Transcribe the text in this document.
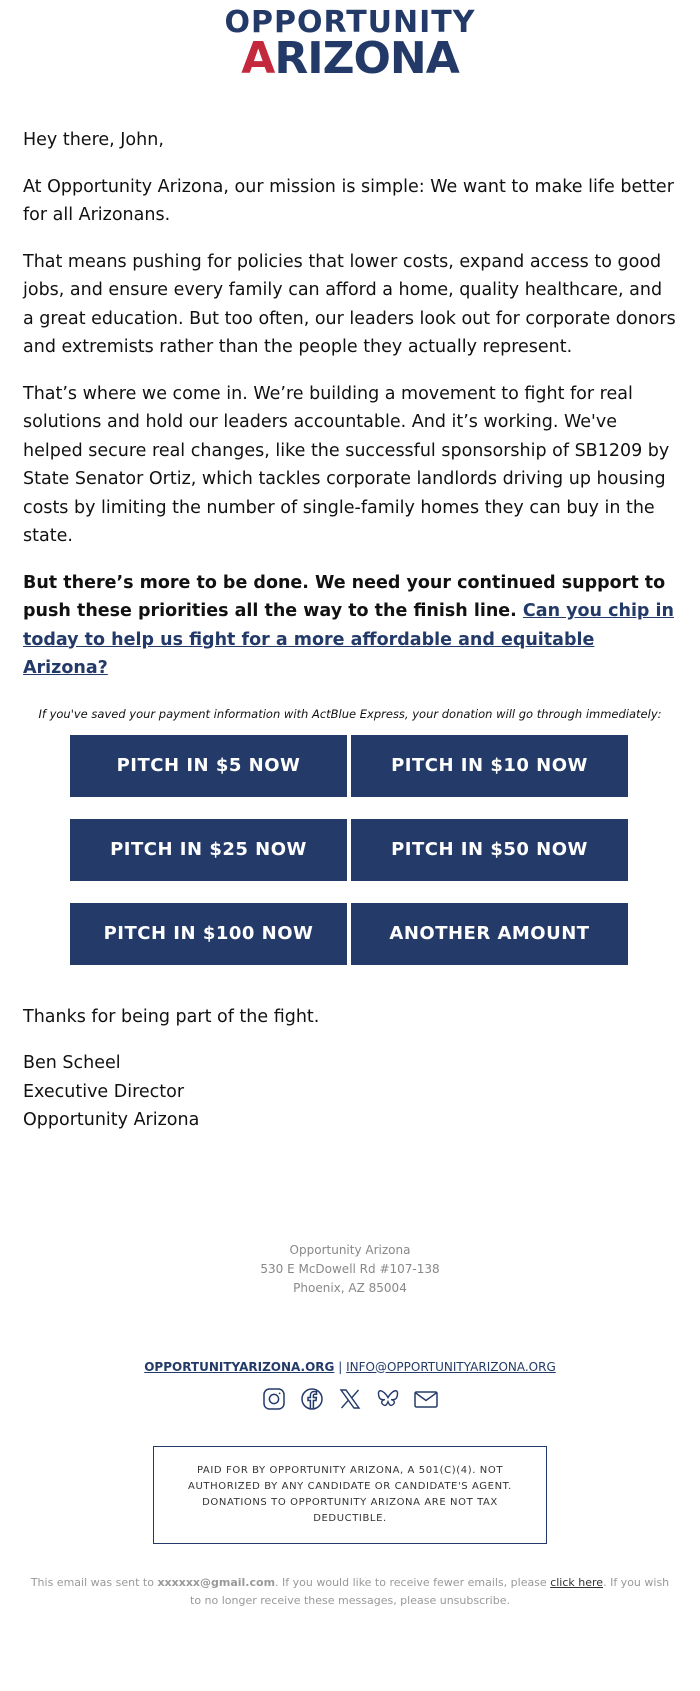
OPPORTUNITY
ARIZONA

Hey there, John,

At Opportunity Arizona, our mission is simple: We want to make life better for all Arizonans.

That means pushing for policies that lower costs, expand access to good jobs, and ensure every family can afford a home, quality healthcare, and a great education. But too often, our leaders look out for corporate donors and extremists rather than the people they actually represent.

That’s where we come in. We’re building a movement to fight for real solutions and hold our leaders accountable. And it’s working. We've helped secure real changes, like the successful sponsorship of SB1209 by State Senator Ortiz, which tackles corporate landlords driving up housing costs by limiting the number of single-family homes they can buy in the state.

But there’s more to be done. We need your continued support to push these priorities all the way to the finish line. Can you chip in today to help us fight for a more affordable and equitable Arizona?

If you've saved your payment information with ActBlue Express, your donation will go through immediately:
PITCH IN $5 NOW	PITCH IN $10 NOW
PITCH IN $25 NOW	PITCH IN $50 NOW
PITCH IN $100 NOW	ANOTHER AMOUNT

Thanks for being part of the fight.

Ben Scheel
Executive Director
Opportunity Arizona

Opportunity Arizona
530 E McDowell Rd #107-138
Phoenix, AZ 85004
OPPORTUNITYARIZONA.ORG | INFO@OPPORTUNITYARIZONA.ORG
PAID FOR BY OPPORTUNITY ARIZONA, A 501(C)(4). NOT AUTHORIZED BY ANY CANDIDATE OR CANDIDATE'S AGENT. DONATIONS TO OPPORTUNITY ARIZONA ARE NOT TAX DEDUCTIBLE.
This email was sent to xxxxxx@gmail.com. If you would like to receive fewer emails, please click here. If you wish to no longer receive these messages, please unsubscribe.
